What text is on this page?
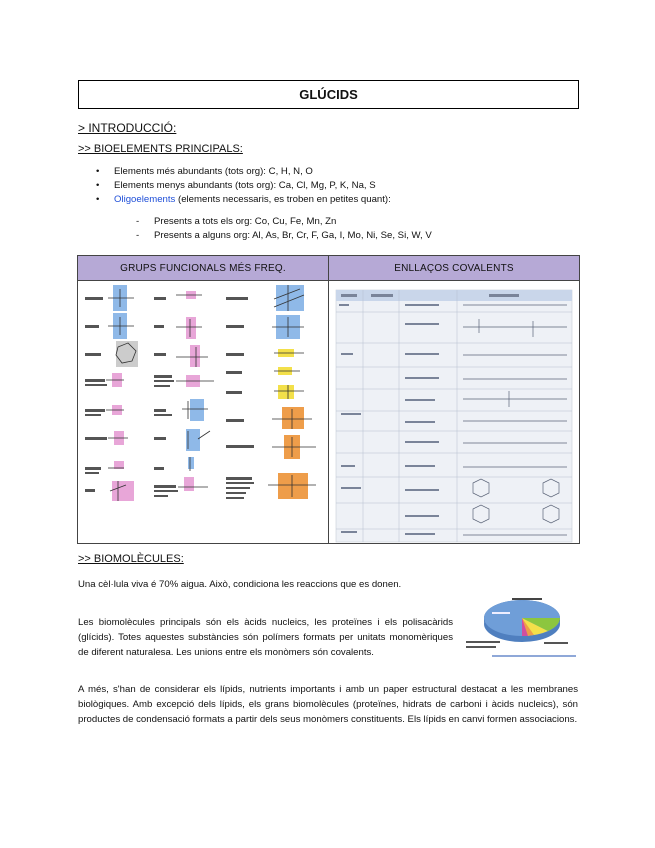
GLÚCIDS
> INTRODUCCIÓ:
>> BIOELEMENTS PRINCIPALS:
• Elements més abundants (tots org): C, H, N, O
• Elements menys abundants (tots org): Ca, Cl, Mg, P, K, Na, S
• Oligoelements (elements necessaris, es troben en petites quant):
- Presents a tots els org: Co, Cu, Fe, Mn, Zn
- Presents a alguns org: Al, As, Br, Cr, F, Ga, I, Mo, Ni, Se, Si, W, V
GRUPS FUNCIONALS MÉS FREQ.	ENLLAÇOS COVALENTS
>> BIOMOLÈCULES:
Una cèl·lula viva é 70% aigua. Això, condiciona les reaccions que es donen.
Les biomolècules principals són els àcids nucleics, les proteïnes i els polisacàrids (glícids). Totes aquestes substàncies són polímers formats per unitats monomèriques de diferent naturalesa. Les unions entre els monòmers són covalents.
A més, s'han de considerar els lípids, nutrients importants i amb un paper estructural destacat a les membranes biològiques. Amb excepció dels lípids, els grans biomolècules (proteïnes, hidrats de carboni i àcids nucleics), són productes de condensació formats a partir dels seus monòmers constituents. Els lípids en canvi formen associacions.
